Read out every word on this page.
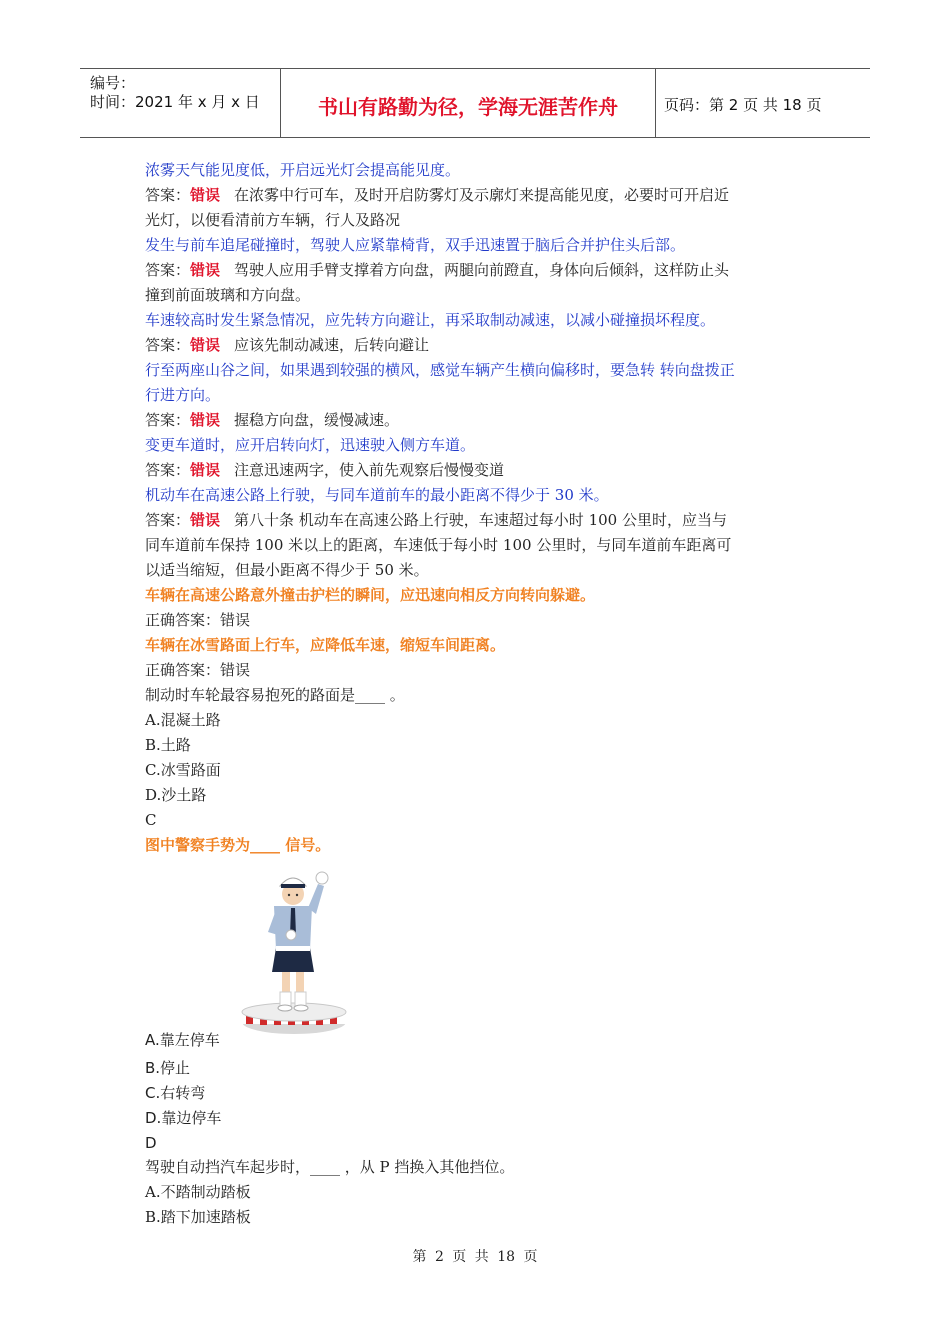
编号：
时间：2021 年 x 月 x 日	书山有路勤为径，学海无涯苦作舟	页码：第 2 页 共 18 页
浓雾天气能见度低，开启远光灯会提高能见度。
答案：错误 在浓雾中行可车，及时开启防雾灯及示廓灯来提高能见度，必要时可开启近
光灯，以便看清前方车辆，行人及路况
发生与前车追尾碰撞时，驾驶人应紧靠椅背，双手迅速置于脑后合并护住头后部。
答案：错误 驾驶人应用手臂支撑着方向盘，两腿向前蹬直，身体向后倾斜，这样防止头
撞到前面玻璃和方向盘。
车速较高时发生紧急情况，应先转方向避让，再采取制动减速，以减小碰撞损坏程度。
答案：错误 应该先制动减速，后转向避让
行至两座山谷之间，如果遇到较强的横风，感觉车辆产生横向偏移时，要急转 转向盘拨正
行进方向。
答案：错误 握稳方向盘，缓慢减速。
变更车道时，应开启转向灯，迅速驶入侧方车道。
答案：错误 注意迅速两字，使入前先观察后慢慢变道
机动车在高速公路上行驶，与同车道前车的最小距离不得少于 30 米。
答案：错误 第八十条 机动车在高速公路上行驶，车速超过每小时 100 公里时，应当与
同车道前车保持 100 米以上的距离，车速低于每小时 100 公里时，与同车道前车距离可
以适当缩短，但最小距离不得少于 50 米。
车辆在高速公路意外撞击护栏的瞬间，应迅速向相反方向转向躲避。
正确答案：错误
车辆在冰雪路面上行车，应降低车速，缩短车间距离。
正确答案：错误
制动时车轮最容易抱死的路面是____ 。
A.混凝土路
B.土路
C.冰雪路面
D.沙土路
C
图中警察手势为____ 信号。
A.靠左停车
B.停止
C.右转弯
D.靠边停车
D
驾驶自动挡汽车起步时，____ ，从 P 挡换入其他挡位。
A.不踏制动踏板
B.踏下加速踏板
第 2 页 共 18 页
